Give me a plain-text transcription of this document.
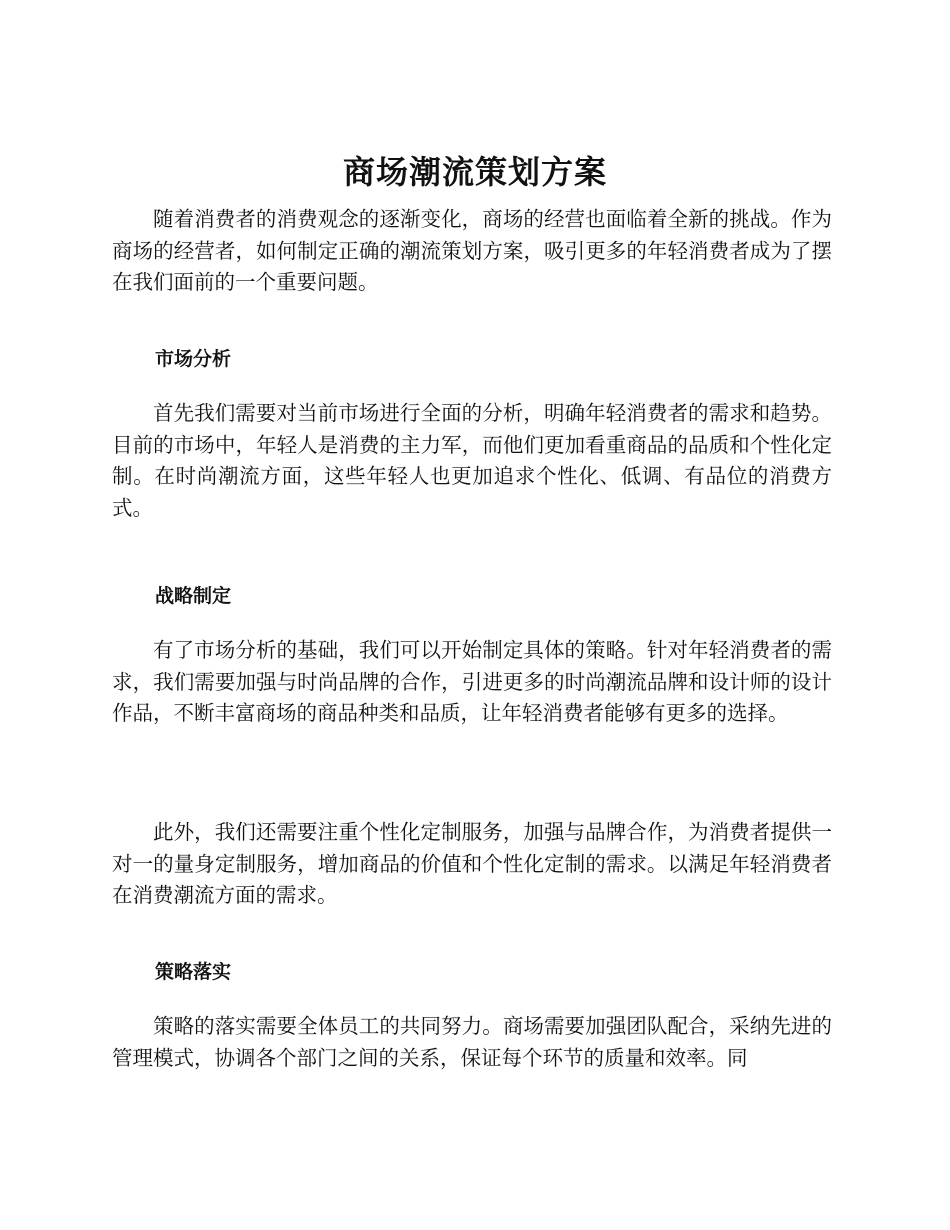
商场潮流策划方案

随着消费者的消费观念的逐渐变化，商场的经营也面临着全新的挑战。作为商场的经营者，如何制定正确的潮流策划方案，吸引更多的年轻消费者成为了摆在我们面前的一个重要问题。

市场分析

首先我们需要对当前市场进行全面的分析，明确年轻消费者的需求和趋势。目前的市场中，年轻人是消费的主力军，而他们更加看重商品的品质和个性化定制。在时尚潮流方面，这些年轻人也更加追求个性化、低调、有品位的消费方式。

战略制定

有了市场分析的基础，我们可以开始制定具体的策略。针对年轻消费者的需求，我们需要加强与时尚品牌的合作，引进更多的时尚潮流品牌和设计师的设计作品，不断丰富商场的商品种类和品质，让年轻消费者能够有更多的选择。

此外，我们还需要注重个性化定制服务，加强与品牌合作，为消费者提供一对一的量身定制服务，增加商品的价值和个性化定制的需求。以满足年轻消费者在消费潮流方面的需求。

策略落实

策略的落实需要全体员工的共同努力。商场需要加强团队配合，采纳先进的管理模式，协调各个部门之间的关系，保证每个环节的质量和效率。同
